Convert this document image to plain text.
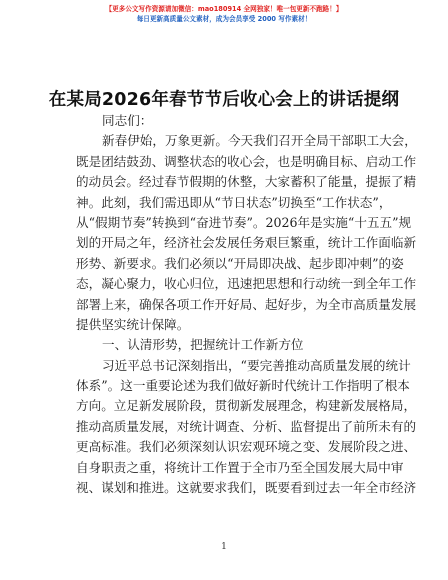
【更多公文写作资源请加微信：mao180914 全网独家！唯一包更新不跑路！】
每日更新高质量公文素材，成为会员享受 2000 写作素材！
在某局2026年春节节后收心会上的讲话提纲
同志们：
新春伊始，万象更新。今天我们召开全局干部职工大会，
既是团结鼓劲、调整状态的收心会，也是明确目标、启动工作
的动员会。经过春节假期的休整，大家蓄积了能量，提振了精
神。此刻，我们需迅即从“节日状态”切换至“工作状态”，
从“假期节奏”转换到“奋进节奏”。2026年是实施“十五五”规
划的开局之年，经济社会发展任务艰巨繁重，统计工作面临新
形势、新要求。我们必须以“开局即决战、起步即冲刺”的姿
态，凝心聚力，收心归位，迅速把思想和行动统一到全年工作
部署上来，确保各项工作开好局、起好步，为全市高质量发展
提供坚实统计保障。
一、认清形势，把握统计工作新方位
习近平总书记深刻指出，“要完善推动高质量发展的统计
体系”。这一重要论述为我们做好新时代统计工作指明了根本
方向。立足新发展阶段，贯彻新发展理念，构建新发展格局，
推动高质量发展，对统计调查、分析、监督提出了前所未有的
更高标准。我们必须深刻认识宏观环境之变、发展阶段之进、
自身职责之重，将统计工作置于全市乃至全国发展大局中审
视、谋划和推进。这就要求我们，既要看到过去一年全市经济
1
